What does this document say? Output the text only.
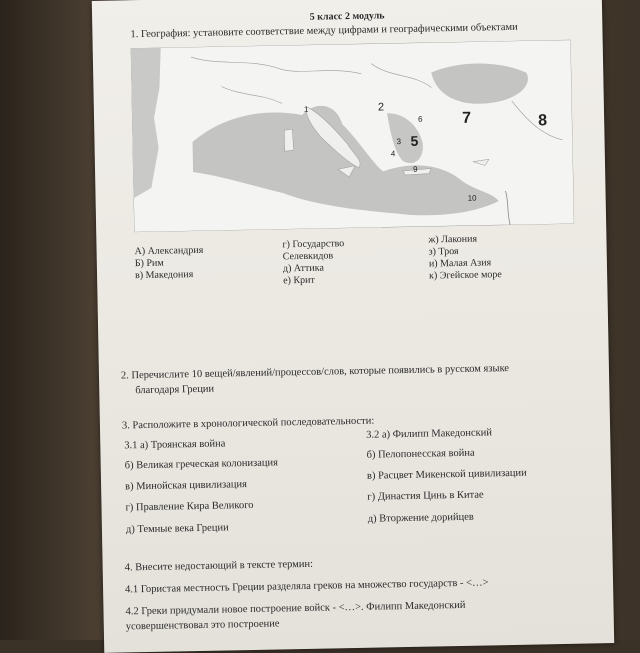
5 класс 2 модуль
1. География: установите соответствие между цифрами и географическими объектами
1	2
3
4
5
6 7	8
9
10
А) Александрия
Б) Рим
в) Македония
г) Государство
Селевкидов
д) Аттика
е) Крит
ж) Лакония
з) Троя
и) Малая Азия
к) Эгейское море
2. Перечислите 10 вещей/явлений/процессов/слов, которые появились в русском языке
благодаря Греции
3. Расположите в хронологической последовательности:
3.1 а) Троянская война
б) Великая греческая колонизация
в) Минойская цивилизация
г) Правление Кира Великого
д) Темные века Греции
3.2 а) Филипп Македонский
б) Пелопонесская война
в) Расцвет Микенской цивилизации
г) Династия Цинь в Китае
д) Вторжение дорийцев
4. Внесите недостающий в тексте термин:
4.1 Гористая местность Греции разделяла греков на множество государств - <…>
4.2 Греки придумали новое построение войск - <…>. Филипп Македонский
усовершенствовал это построение
